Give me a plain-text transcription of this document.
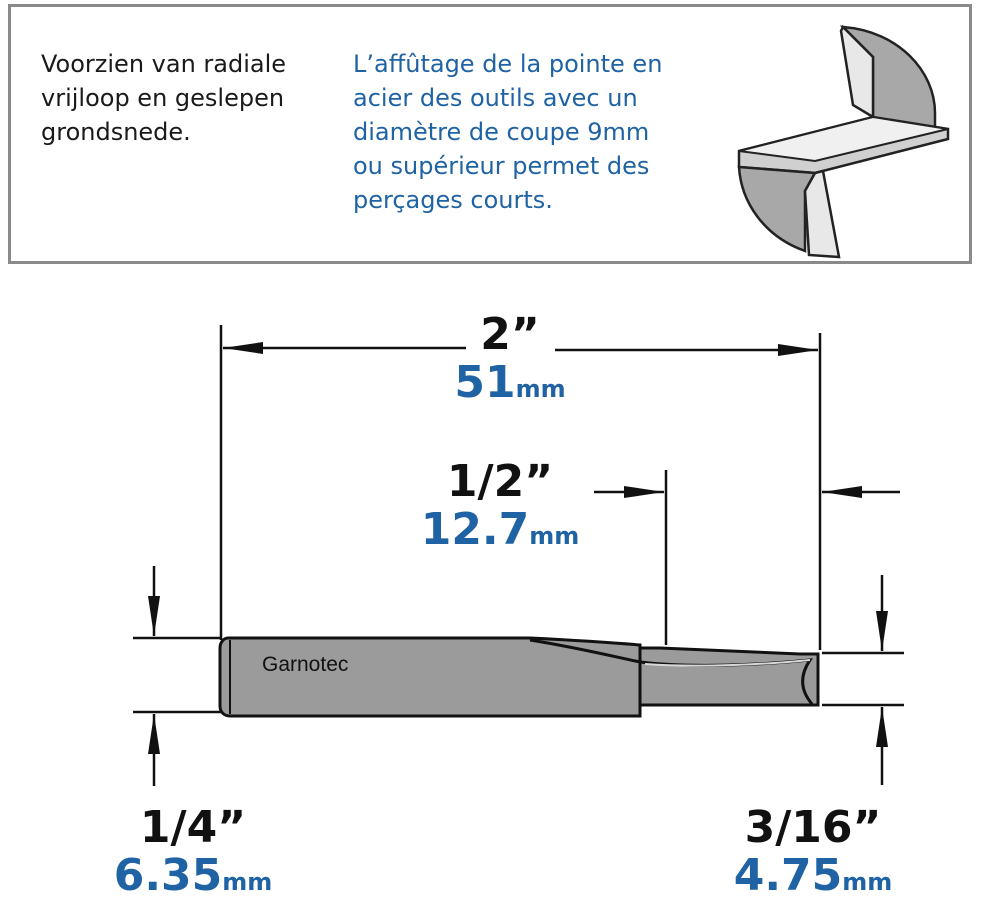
Voorzien van radiale
vrijloop en geslepen
grondsnede.

L’affûtage de la pointe en
acier des outils avec un
diamètre de coupe 9mm
ou supérieur permet des
perçages courts.

Garnotec
2”
51mm
1/2”
12.7mm
1/4”
6.35mm
3/16”
4.75mm
